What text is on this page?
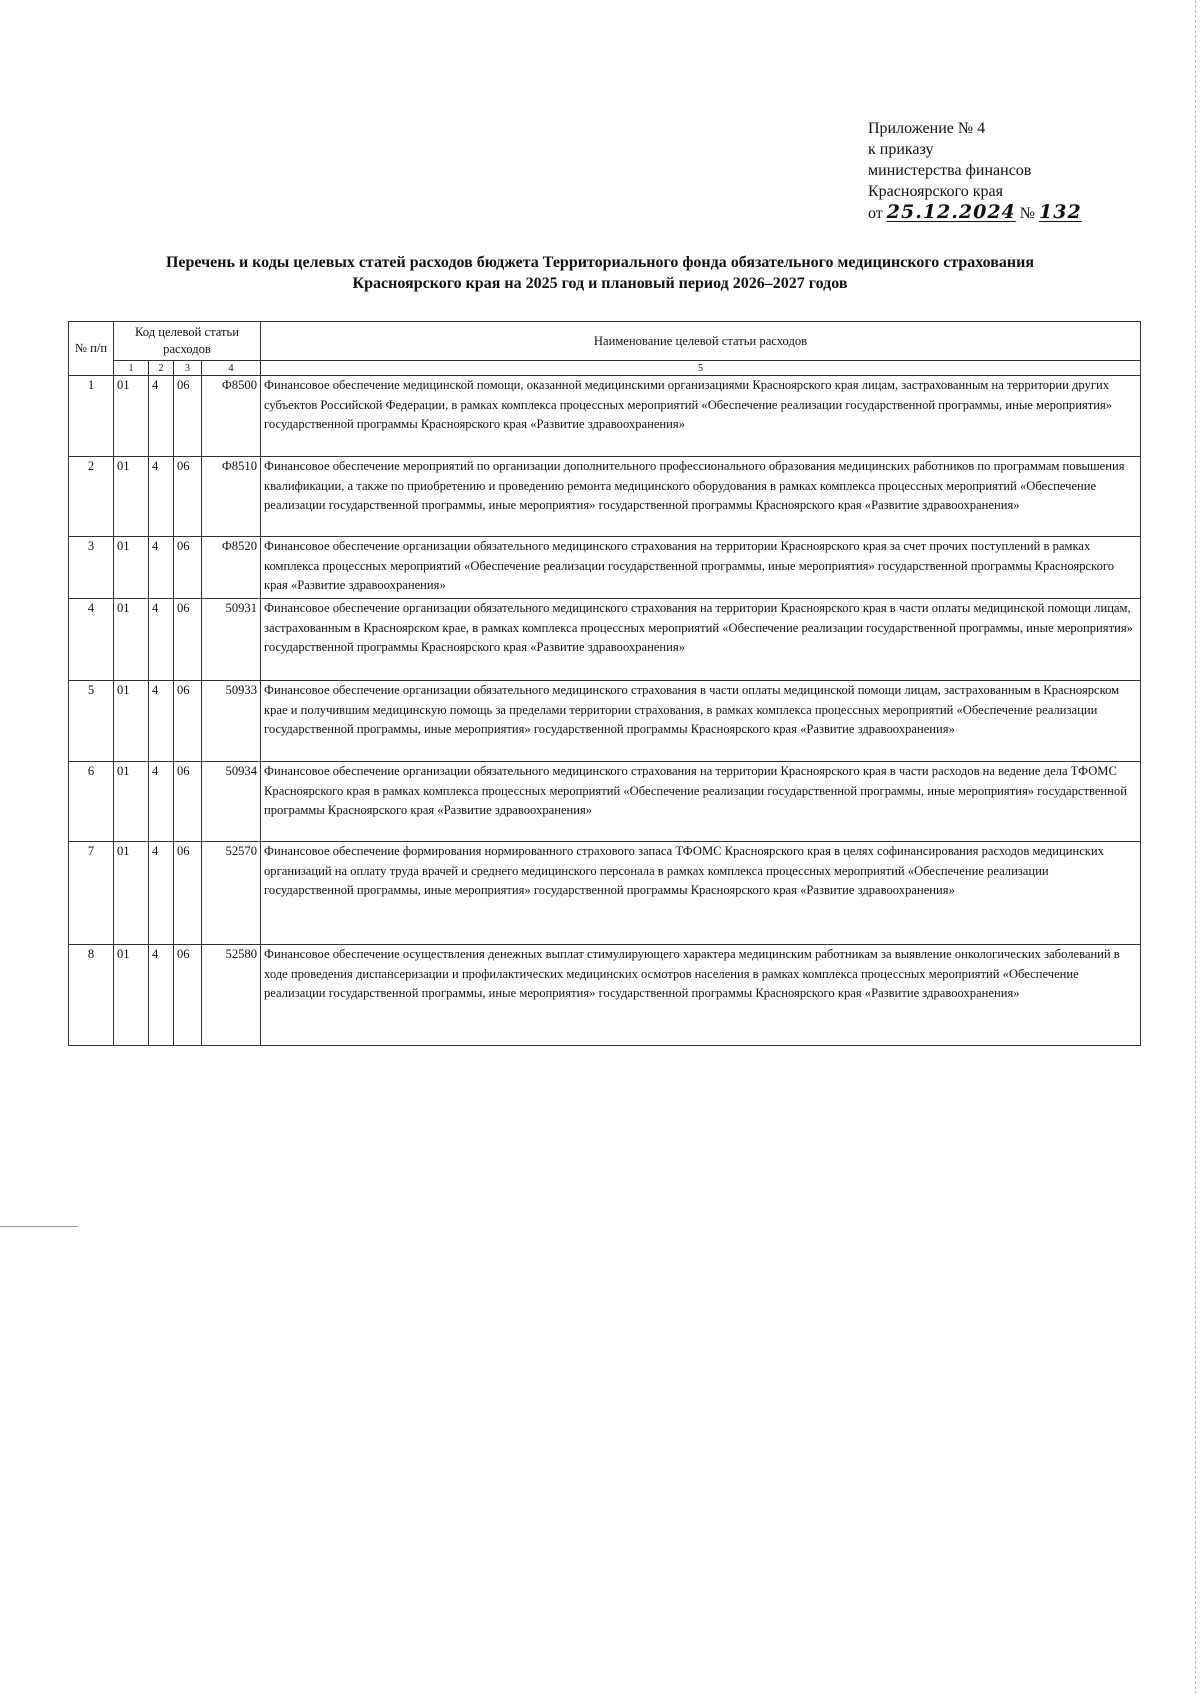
Приложение № 4
к приказу
министерства финансов
Красноярского края
от 25.12.2024 № 132
Перечень и коды целевых статей расходов бюджета Территориального фонда обязательного медицинского страхования
Красноярского края на 2025 год и плановый период 2026–2027 годов
№ п/п	Код целевой статьи расходов				Наименование целевой статьи расходов
	1	2	3	4	5
1	01	4	06	Ф8500	Финансовое обеспечение медицинской помощи, оказанной медицинскими организациями Красноярского края лицам, застрахованным на территории других субъектов Российской Федерации, в рамках комплекса процессных мероприятий «Обеспечение реализации государственной программы, иные мероприятия» государственной программы Красноярского края «Развитие здравоохранения»
2	01	4	06	Ф8510	Финансовое обеспечение мероприятий по организации дополнительного профессионального образования медицинских работников по программам повышения квалификации, а также по приобретению и проведению ремонта медицинского оборудования в рамках комплекса процессных мероприятий «Обеспечение реализации государственной программы, иные мероприятия» государственной программы Красноярского края «Развитие здравоохранения»
3	01	4	06	Ф8520	Финансовое обеспечение организации обязательного медицинского страхования на территории Красноярского края за счет прочих поступлений в рамках комплекса процессных мероприятий «Обеспечение реализации государственной программы, иные мероприятия» государственной программы Красноярского края «Развитие здравоохранения»
4	01	4	06	50931	Финансовое обеспечение организации обязательного медицинского страхования на территории Красноярского края в части оплаты медицинской помощи лицам, застрахованным в Красноярском крае, в рамках комплекса процессных мероприятий «Обеспечение реализации государственной программы, иные мероприятия» государственной программы Красноярского края «Развитие здравоохранения»
5	01	4	06	50933	Финансовое обеспечение организации обязательного медицинского страхования в части оплаты медицинской помощи лицам, застрахованным в Красноярском крае и получившим медицинскую помощь за пределами территории страхования, в рамках комплекса процессных мероприятий «Обеспечение реализации государственной программы, иные мероприятия» государственной программы Красноярского края «Развитие здравоохранения»
6	01	4	06	50934	Финансовое обеспечение организации обязательного медицинского страхования на территории Красноярского края в части расходов на ведение дела ТФОМС Красноярского края в рамках комплекса процессных мероприятий «Обеспечение реализации государственной программы, иные мероприятия» государственной программы Красноярского края «Развитие здравоохранения»
7	01	4	06	52570	Финансовое обеспечение формирования нормированного страхового запаса ТФОМС Красноярского края в целях софинансирования расходов медицинских организаций на оплату труда врачей и среднего медицинского персонала в рамках комплекса процессных мероприятий «Обеспечение реализации государственной программы, иные мероприятия» государственной программы Красноярского края «Развитие здравоохранения»
8	01	4	06	52580	Финансовое обеспечение осуществления денежных выплат стимулирующего характера медицинским работникам за выявление онкологических заболеваний в ходе проведения диспансеризации и профилактических медицинских осмотров населения в рамках комплекса процессных мероприятий «Обеспечение реализации государственной программы, иные мероприятия» государственной программы Красноярского края «Развитие здравоохранения»
